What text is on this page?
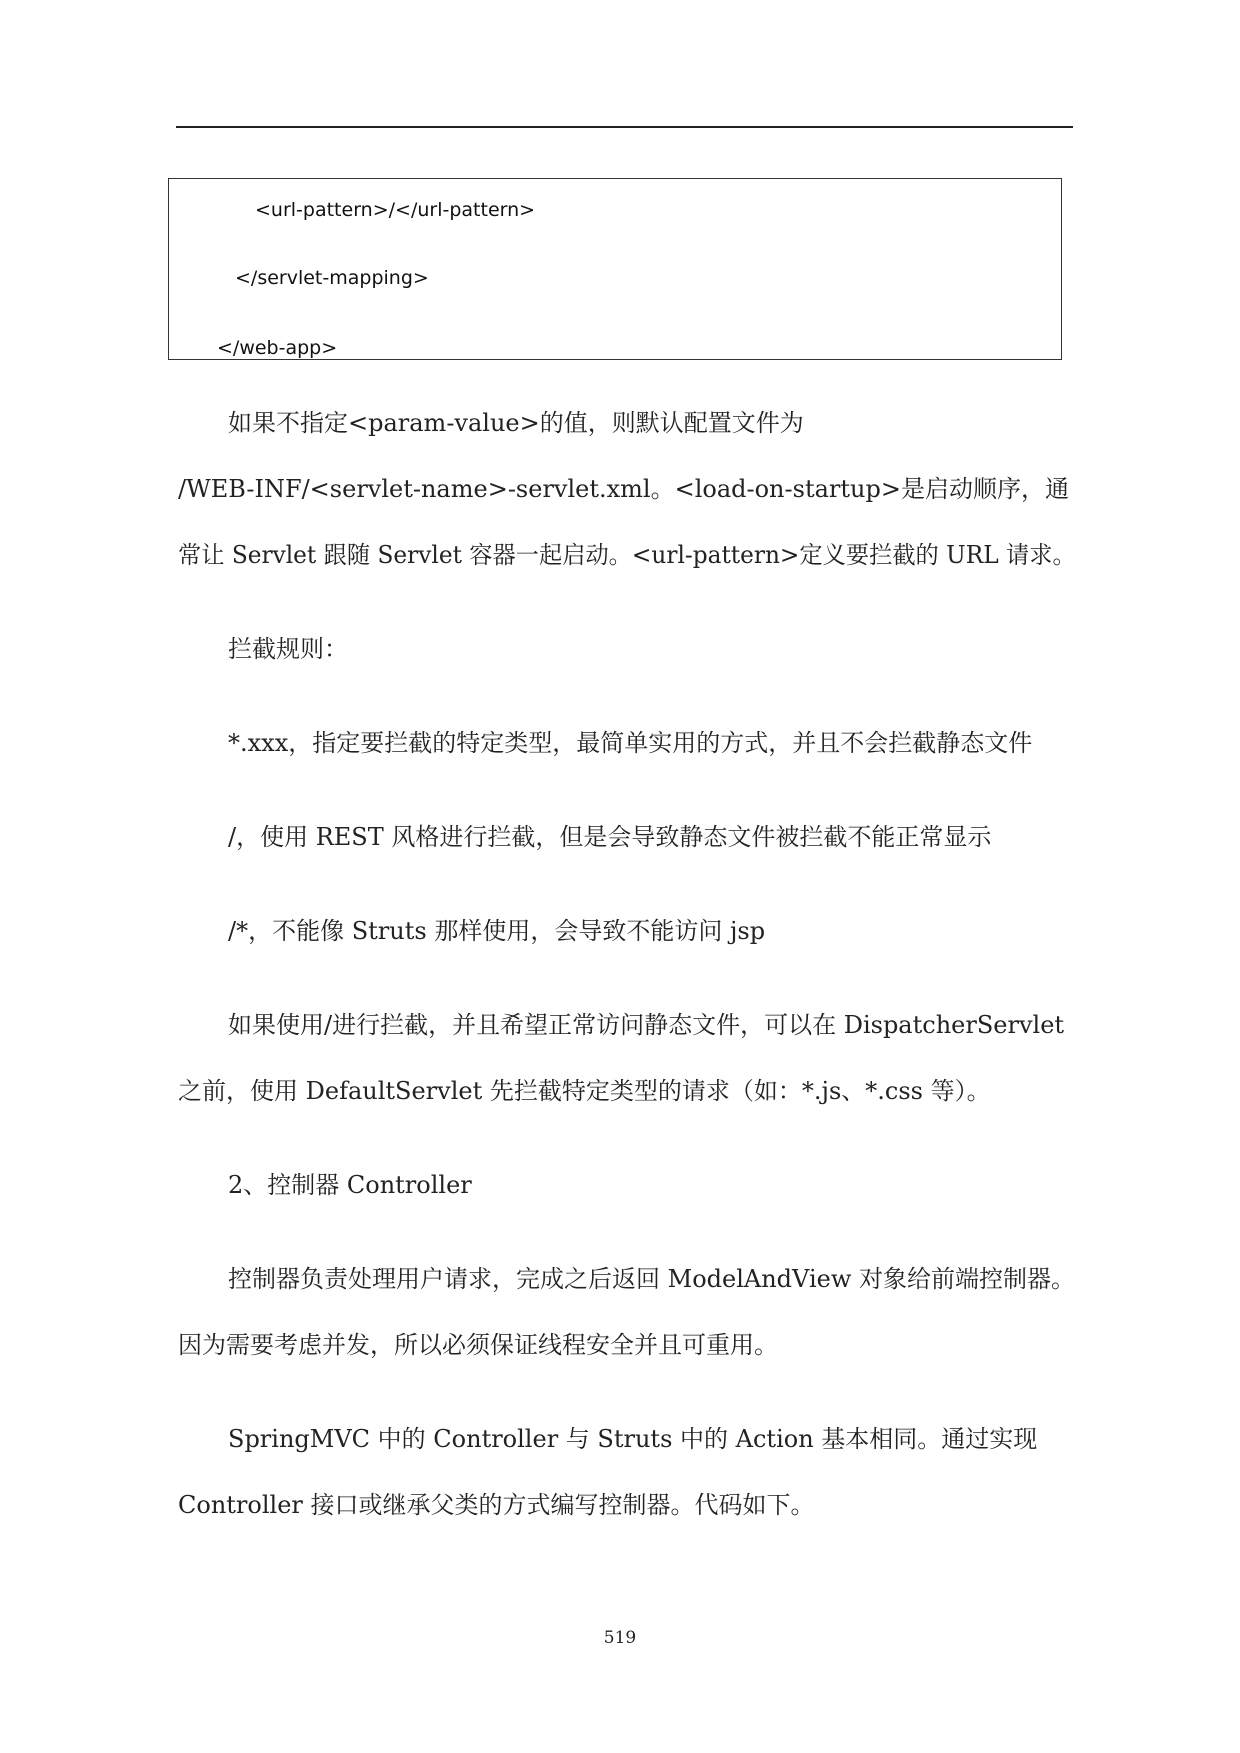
<url-pattern>/</url-pattern>
</servlet-mapping>
</web-app>
如果不指定<param-value>的值，则默认配置文件为
/WEB-INF/<servlet-name>-servlet.xml。<load-on-startup>是启动顺序，通
常让 Servlet 跟随 Servlet 容器一起启动。<url-pattern>定义要拦截的 URL 请求。
拦截规则：
*.xxx，指定要拦截的特定类型，最简单实用的方式，并且不会拦截静态文件
/，使用 REST 风格进行拦截，但是会导致静态文件被拦截不能正常显示
/*，不能像 Struts 那样使用，会导致不能访问 jsp
如果使用/进行拦截，并且希望正常访问静态文件，可以在 DispatcherServlet
之前，使用 DefaultServlet 先拦截特定类型的请求（如：*.js、*.css 等）。
2、控制器 Controller
控制器负责处理用户请求，完成之后返回 ModelAndView 对象给前端控制器。
因为需要考虑并发，所以必须保证线程安全并且可重用。
SpringMVC 中的 Controller 与 Struts 中的 Action 基本相同。通过实现
Controller 接口或继承父类的方式编写控制器。代码如下。
519
